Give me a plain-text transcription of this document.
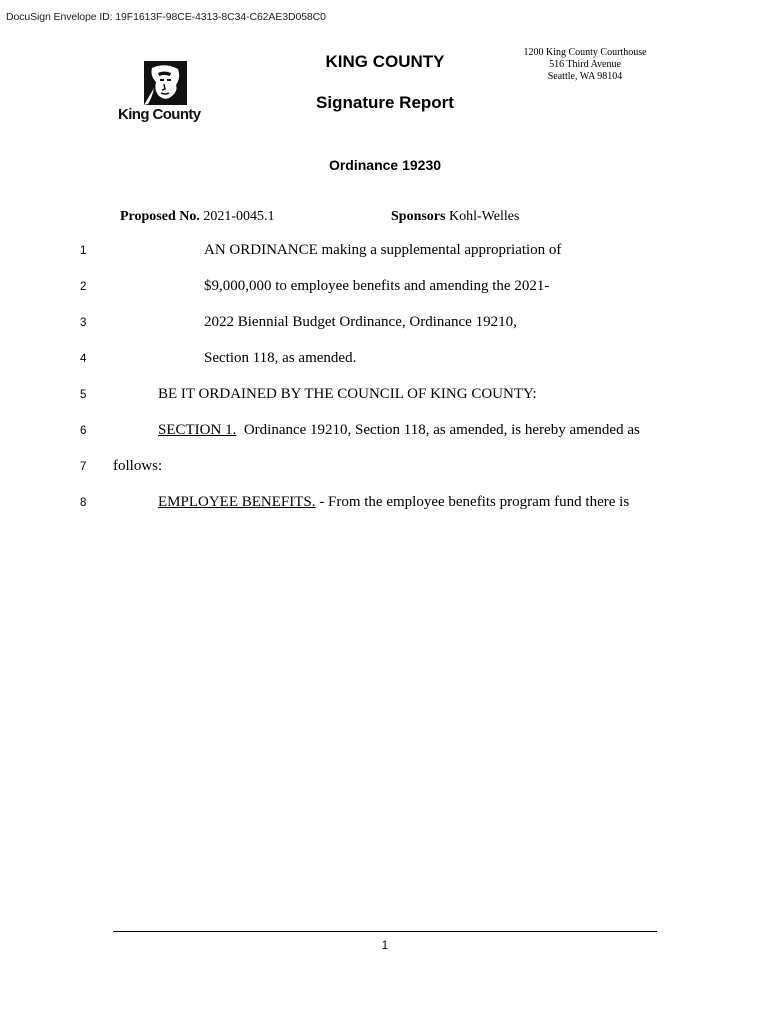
DocuSign Envelope ID: 19F1613F-98CE-4313-8C34-C62AE3D058C0
King County
KING COUNTY
Signature Report
1200 King County Courthouse
516 Third Avenue
Seattle, WA 98104
Ordinance 19230
Proposed No. 2021-0045.1	Sponsors Kohl-Welles
1	AN ORDINANCE making a supplemental appropriation of
2	$9,000,000 to employee benefits and amending the 2021-
3	2022 Biennial Budget Ordinance, Ordinance 19210,
4	Section 118, as amended.
5	BE IT ORDAINED BY THE COUNCIL OF KING COUNTY:
6	SECTION 1.  Ordinance 19210, Section 118, as amended, is hereby amended as
7	follows:
8	EMPLOYEE BENEFITS. - From the employee benefits program fund there is
1
